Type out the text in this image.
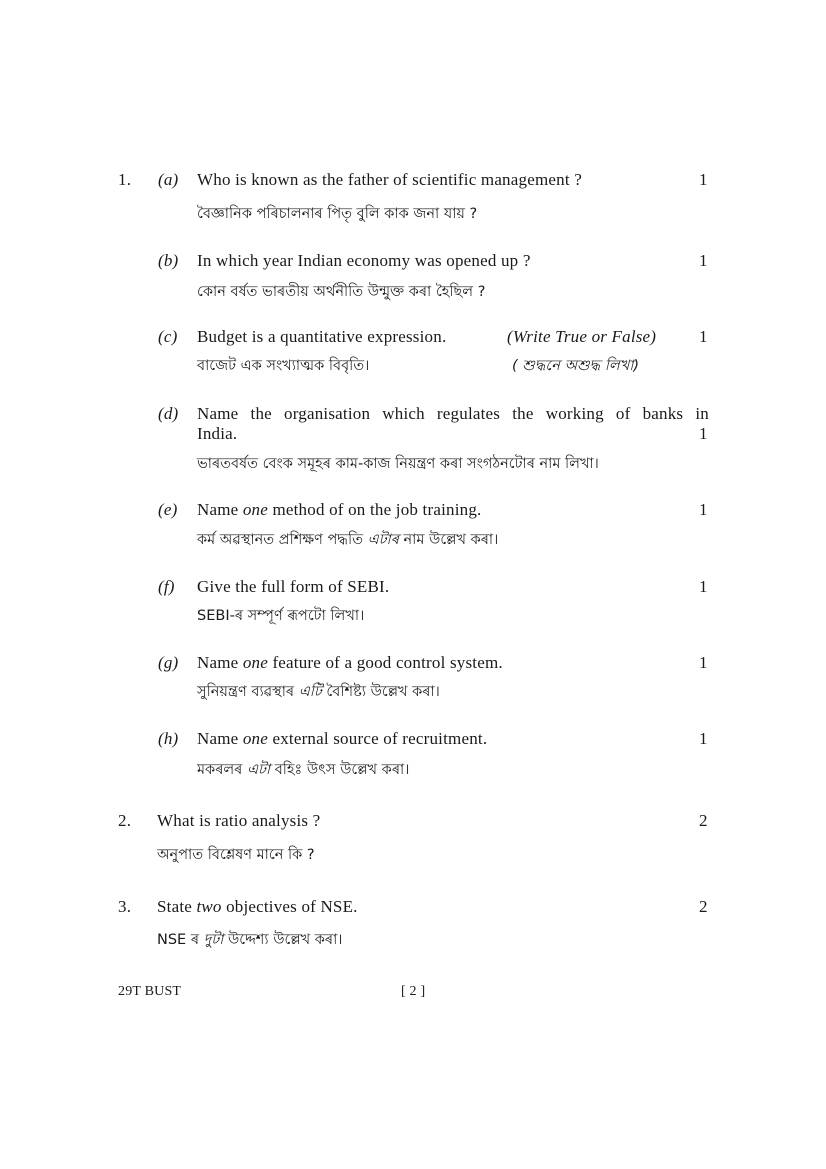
1. (a) Who is known as the father of scientific management ?	1
বৈজ্ঞানিক পৰিচালনাৰ পিতৃ বুলি কাক জনা যায় ?
(b) In which year Indian economy was opened up ?	1
কোন বৰ্ষত ভাৰতীয় অৰ্থনীতি উন্মুক্ত কৰা হৈছিল ?
(c) Budget is a quantitative expression.	(Write True or False)	1
বাজেট এক সংখ্যাত্মক বিবৃতি।	( শুদ্ধনে অশুদ্ধ লিখা)
(d) Name the organisation which regulates the working of banks in
India.	1
ভাৰতবৰ্ষত বেংক সমূহৰ কাম-কাজ নিয়ন্ত্ৰণ কৰা সংগঠনটোৰ নাম লিখা।
(e) Name one method of on the job training.	1
কৰ্ম অৱস্থানত প্ৰশিক্ষণ পদ্ধতি এটাৰ নাম উল্লেখ কৰা।
(f) Give the full form of SEBI.	1
SEBI-ৰ সম্পূৰ্ণ ৰূপটো লিখা।
(g) Name one feature of a good control system.	1
সুনিয়ন্ত্ৰণ ব্যৱস্থাৰ এটি বৈশিষ্ট্য উল্লেখ কৰা।
(h) Name one external source of recruitment.	1
মকৰলৰ এটা বহিঃ উৎস উল্লেখ কৰা।
2. What is ratio analysis ?	2
অনুপাত বিশ্লেষণ মানে কি ?
3. State two objectives of NSE.	2
NSE ৰ দুটা উদ্দেশ্য উল্লেখ কৰা।
29T BUST	[ 2 ]
